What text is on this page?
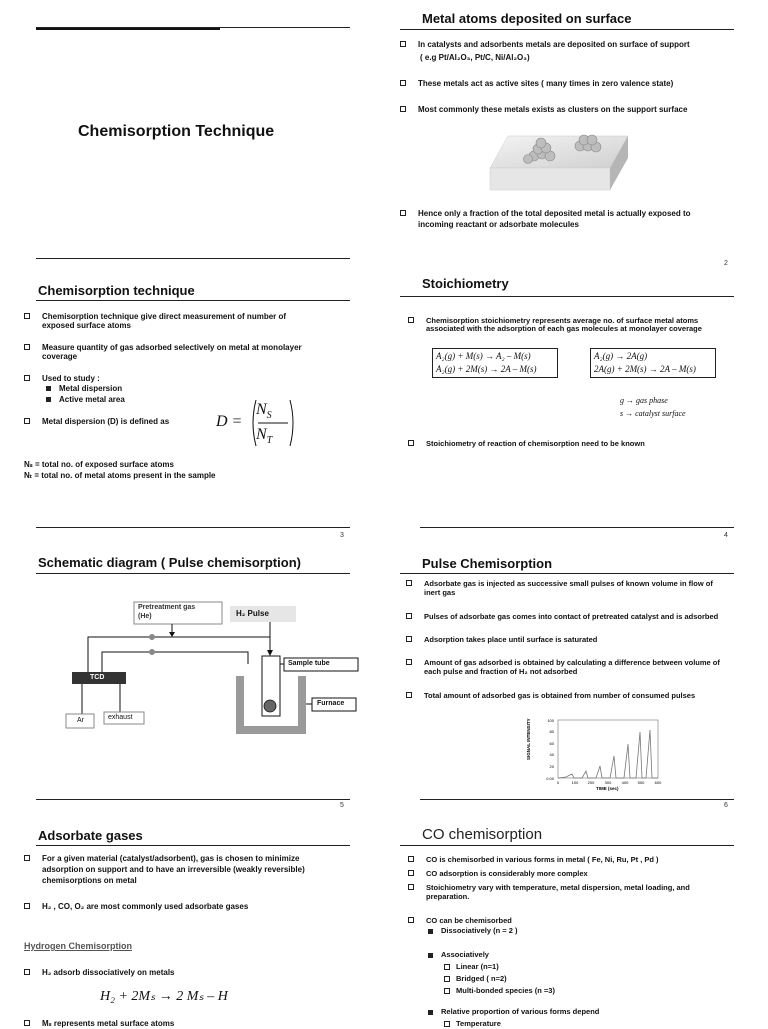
Chemisorption Technique
Metal atoms deposited on surface
In catalysts and adsorbents metals are deposited on surface of support
( e.g Pt/Al₂O₃, Pt/C, Ni/Al₂O₃)
These metals act as active sites ( many times in zero valence state)
Most commonly these metals exists as clusters on the support surface
Hence only a fraction of the total deposited metal is actually exposed to
incoming reactant or adsorbate molecules
2
Chemisorption technique
Chemisorption technique give direct measurement of number of
exposed surface atoms
Measure quantity of gas adsorbed selectively on metal at monolayer
coverage
Used to study :
Metal dispersion
Active metal area
Metal dispersion (D) is defined as	D =
$N_S$
$N_T$
Nₛ = total no. of exposed surface atoms
Nₜ = total no. of metal atoms present in the sample
3
Stoichiometry
Chemisorption stoichiometry represents average no. of surface metal atoms
associated with the adsorption of each gas molecules at monolayer coverage
A₂(g) + M(s) → A₂ – M(s)
A₂(g) + 2M(s) → 2A – M(s)
A₂(g) → 2A(g)
2A(g) + 2M(s) → 2A – M(s)
g → gas phase
s → catalyst surface
Stoichiometry of reaction of chemisorption need to be known
4
Schematic diagram ( Pulse chemisorption)
Pretreatment gas
(He)	H₂ Pulse
TCD
Sample tube
Furnace
Ar	exhaust
5
Pulse Chemisorption
Adsorbate gas is injected as successive small pulses of known volume in flow of
inert gas
Pulses of adsorbate gas comes into contact of pretreated catalyst and is adsorbed
Adsorption takes place until surface is saturated
Amount of gas adsorbed is obtained by calculating a difference between volume of
each pulse and fraction of H₂ not adsorbed
Total amount of adsorbed gas is obtained from number of consumed pulses
SIGNAL INTENSITY
TIME (sec)
100
80
60
40
20
0.00
0	100 200	300	400 500	600
6
Adsorbate gases
For a given material (catalyst/adsorbent), gas is chosen to minimize
adsorption on support and to have an irreversible (weakly reversible)
chemisorptions on metal
H₂ , CO, O₂ are most commonly used adsorbate gases
Hydrogen Chemisorption
H₂ adsorb dissociatively on metals
H₂ + 2Mₛ → 2 Mₛ – H
Mₛ represents metal surface atoms
CO chemisorption
CO is chemisorbed in various forms in metal ( Fe, Ni, Ru, Pt , Pd )
CO adsorption is considerably more complex
Stoichiometry vary with temperature, metal dispersion, metal loading, and
preparation.
CO can be chemisorbed
Dissociatively (n = 2 )
Associatively
Linear (n=1)
Bridged ( n=2)
Multi-bonded species (n =3)
Relative proportion of various forms depend
Temperature
